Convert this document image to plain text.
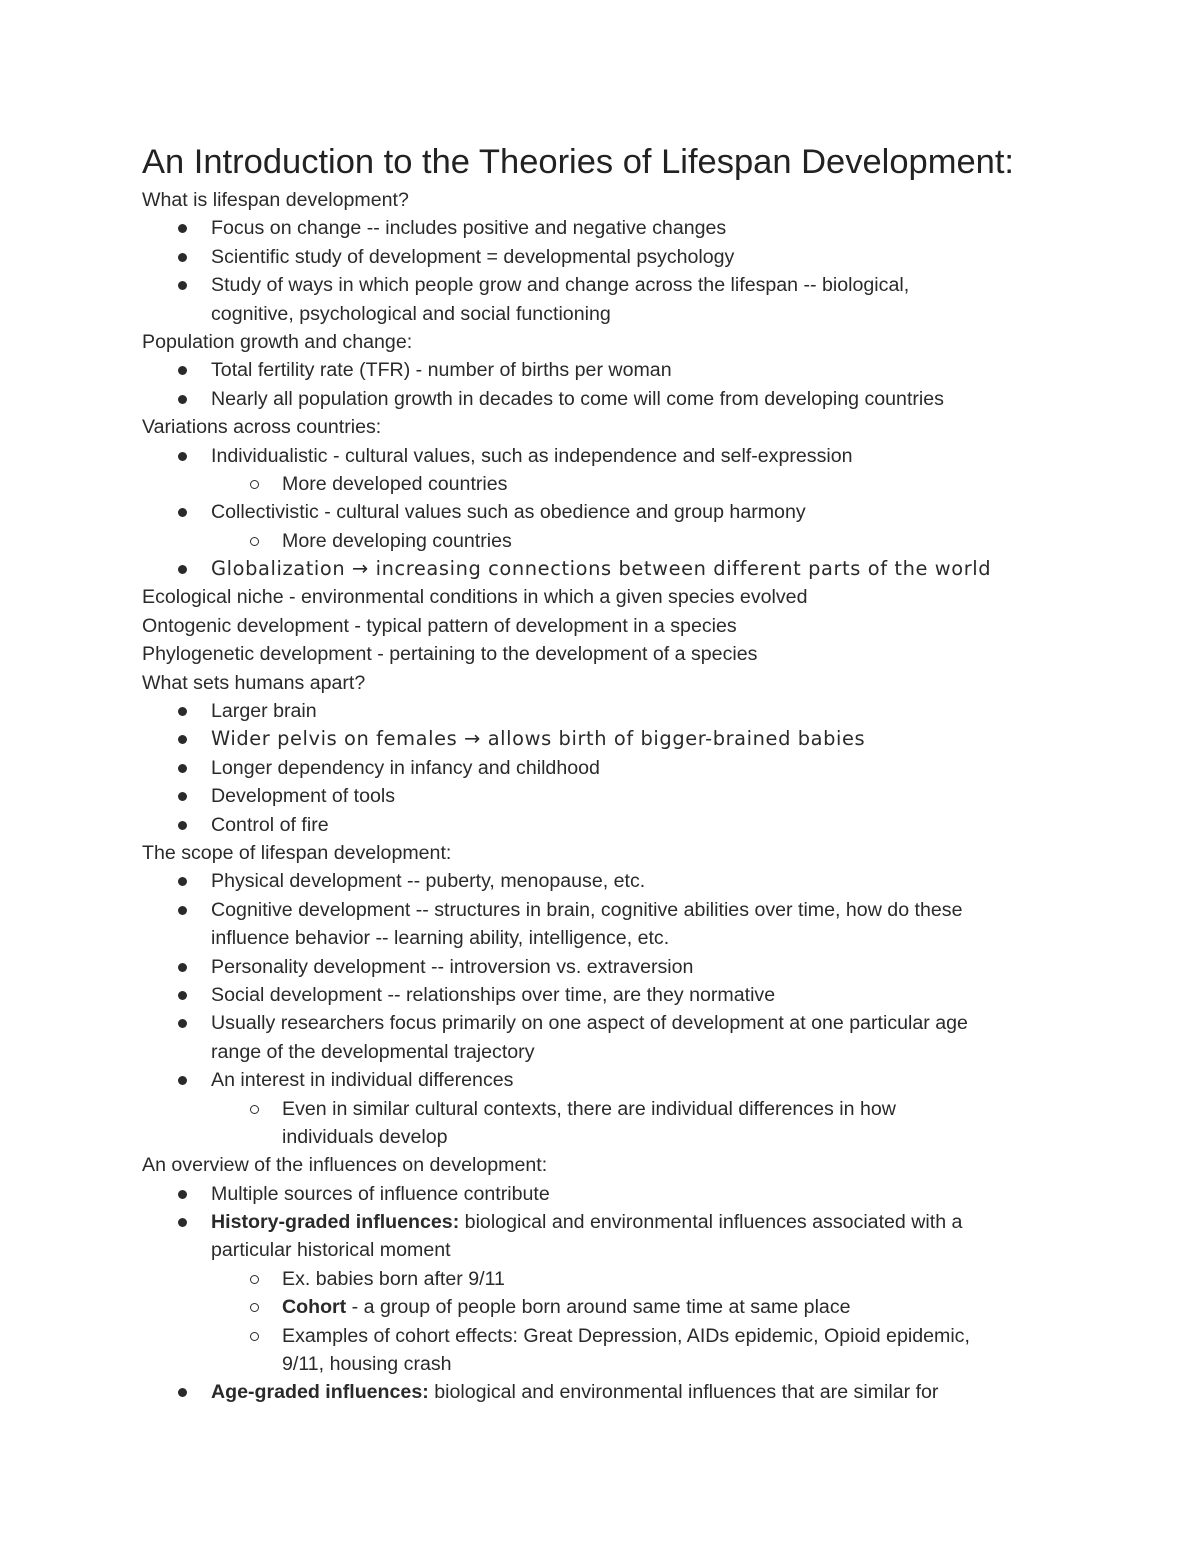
An Introduction to the Theories of Lifespan Development:
What is lifespan development?
Focus on change -- includes positive and negative changes
Scientific study of development = developmental psychology
Study of ways in which people grow and change across the lifespan -- biological,
cognitive, psychological and social functioning
Population growth and change:
Total fertility rate (TFR) - number of births per woman
Nearly all population growth in decades to come will come from developing countries
Variations across countries:
Individualistic - cultural values, such as independence and self-expression
More developed countries
Collectivistic - cultural values such as obedience and group harmony
More developing countries
Globalization → increasing connections between different parts of the world
Ecological niche - environmental conditions in which a given species evolved
Ontogenic development - typical pattern of development in a species
Phylogenetic development - pertaining to the development of a species
What sets humans apart?
Larger brain
Wider pelvis on females → allows birth of bigger-brained babies
Longer dependency in infancy and childhood
Development of tools
Control of fire
The scope of lifespan development:
Physical development -- puberty, menopause, etc.
Cognitive development -- structures in brain, cognitive abilities over time, how do these
influence behavior -- learning ability, intelligence, etc.
Personality development -- introversion vs. extraversion
Social development -- relationships over time, are they normative
Usually researchers focus primarily on one aspect of development at one particular age
range of the developmental trajectory
An interest in individual differences
Even in similar cultural contexts, there are individual differences in how
individuals develop
An overview of the influences on development:
Multiple sources of influence contribute
History-graded influences: biological and environmental influences associated with a
particular historical moment
Ex. babies born after 9/11
Cohort - a group of people born around same time at same place
Examples of cohort effects: Great Depression, AIDs epidemic, Opioid epidemic,
9/11, housing crash
Age-graded influences: biological and environmental influences that are similar for
